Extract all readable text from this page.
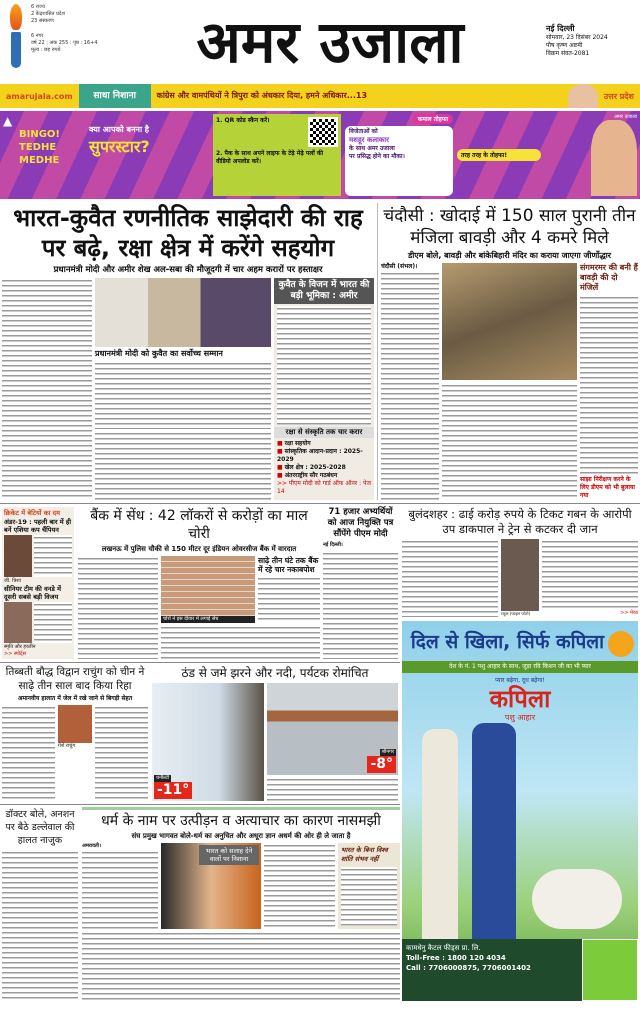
6 राज्य
2 केंद्रशासित प्रदेश
23 संस्करण
6 नगर
वर्ष 22 : अंक 255 : पृष्ठ : 16+4
मूल्य : छह रुपये	अमर उजाला	नई दिल्ली
सोमवार, 23 दिसंबर 2024
पौष कृष्ण अष्टमी
विक्रम संवत-2081
amarujala.com	साधा निशाना	कांग्रेस और वामपंथियों ने त्रिपुरा को अंधकार दिया, हमने अधिकार...13	उत्तर प्रदेश
▲
BINGO! TEDHE MEDHE
क्या आपको बनना है
सुपरस्टार?
1. QR कोड स्कैन करें।
2. पैक के साथ अपने लाइफ के टेढ़े मेढ़े पलों की वीडियो अपलोड करें।
कमाल तोहफा
विजेताओं को
मशहूर कलाकार
के साथ अमर उजाला
पर प्रसिद्ध होने का मौका।	तरह तरह के तोहफा!
अमर उजाला
भारत-कुवैत रणनीतिक साझेदारी की राह पर बढ़े, रक्षा क्षेत्र में करेंगे सहयोग
प्रधानमंत्री मोदी और अमीर शेख अल-सबा की मौजूदगी में चार अहम करारों पर हस्ताक्षर
प्रधानमंत्री मोदी को कुवैत का सर्वोच्च सम्मान
कुवैत के विजन में भारत की बड़ी भूमिका : अमीर
रक्षा से संस्कृति तक चार करार
■ रक्षा सहयोग
■ सांस्कृतिक आदान-प्रदान : 2025-2029
■ खेल क्षेत्र : 2025-2028
■ अंतरराष्ट्रीय सौर गठबंधन
>> पीएम मोदी को गार्ड ऑफ ऑनर : पेज 14
चंदौसी : खोदाई में 150 साल पुरानी तीन मंजिला बावड़ी और 4 कमरे मिले
डीएम बोले, बावड़ी और बांकेबिहारी मंदिर का कराया जाएगा जीर्णोद्धार
चंदौसी (संभल)।	संगमरमर की बनी हैं बावड़ी की दो मंजिलें
साझा निरीक्षण करने के लिए डीएम को भी बुलाया गया
क्रिकेट में बेटियों का दम
अंडर-19 : पहली बार में ही बनें एशिया कप चैंपियन
जी. त्रिशा
सीनियर टीम की वनडे में दूसरी सबसे बड़ी विजय
स्मृति और हरलीन
>> स्पोर्ट्स
बैंक में सेंध : 42 लॉकरों से करोड़ों का माल चोरी
लखनऊ में पुलिस चौकी से 150 मीटर दूर इंडियन ओवरसीज बैंक में वारदात
चोरों ने इस दीवार में लगाई सेंध
साढ़े तीन घंटे तक बैंक में रहे चार नकाबपोश
71 हजार अभ्यर्थियों को आज नियुक्ति पत्र सौंपेंगे पीएम मोदी
नई दिल्ली।
बुलंदशहर : ढाई करोड़ रुपये के टिकट गबन के आरोपी उप डाकपाल ने ट्रेन से कटकर दी जान
राहुल (फाइल फोटो)	>> मेरठ
दिल से खिला, सिर्फ कपिला
देश के नं. 1 पशु आहार के साथ, जुड़ा रवि किशन जी का भी प्यार
प्यार बढ़ेगा, दूध बढ़ेगा!
कपिला
पशु आहार
कामधेनु कैटल फीड्स प्रा. लि.
Toll-Free : 1800 120 4034
Call : 7706000875, 7706001402
तिब्बती बौद्ध विद्वान राचुंग को चीन ने साढ़े तीन साल बाद किया रिहा
अमानवीय हालात में जेल में रखे जाने से बिगड़ी सेहत
गेशे राचुंग
ठंड से जमे झरने और नदी, पर्यटक रोमांचित
धनौल्टी
-11°
श्रीनगर
-8°
डॉक्टर बोले, अनशन पर बैठे डल्लेवाल की हालत नाजुक
धर्म के नाम पर उत्पीड़न व अत्याचार का कारण नासमझी
संघ प्रमुख भागवत बोले-धर्म का अनुचित और अधूरा ज्ञान अधर्म की ओर ही ले जाता है
अमरावती।
भारत को सलाह देने वालों पर निशाना
भारत के बिना विश्व शांति संभव नहीं
